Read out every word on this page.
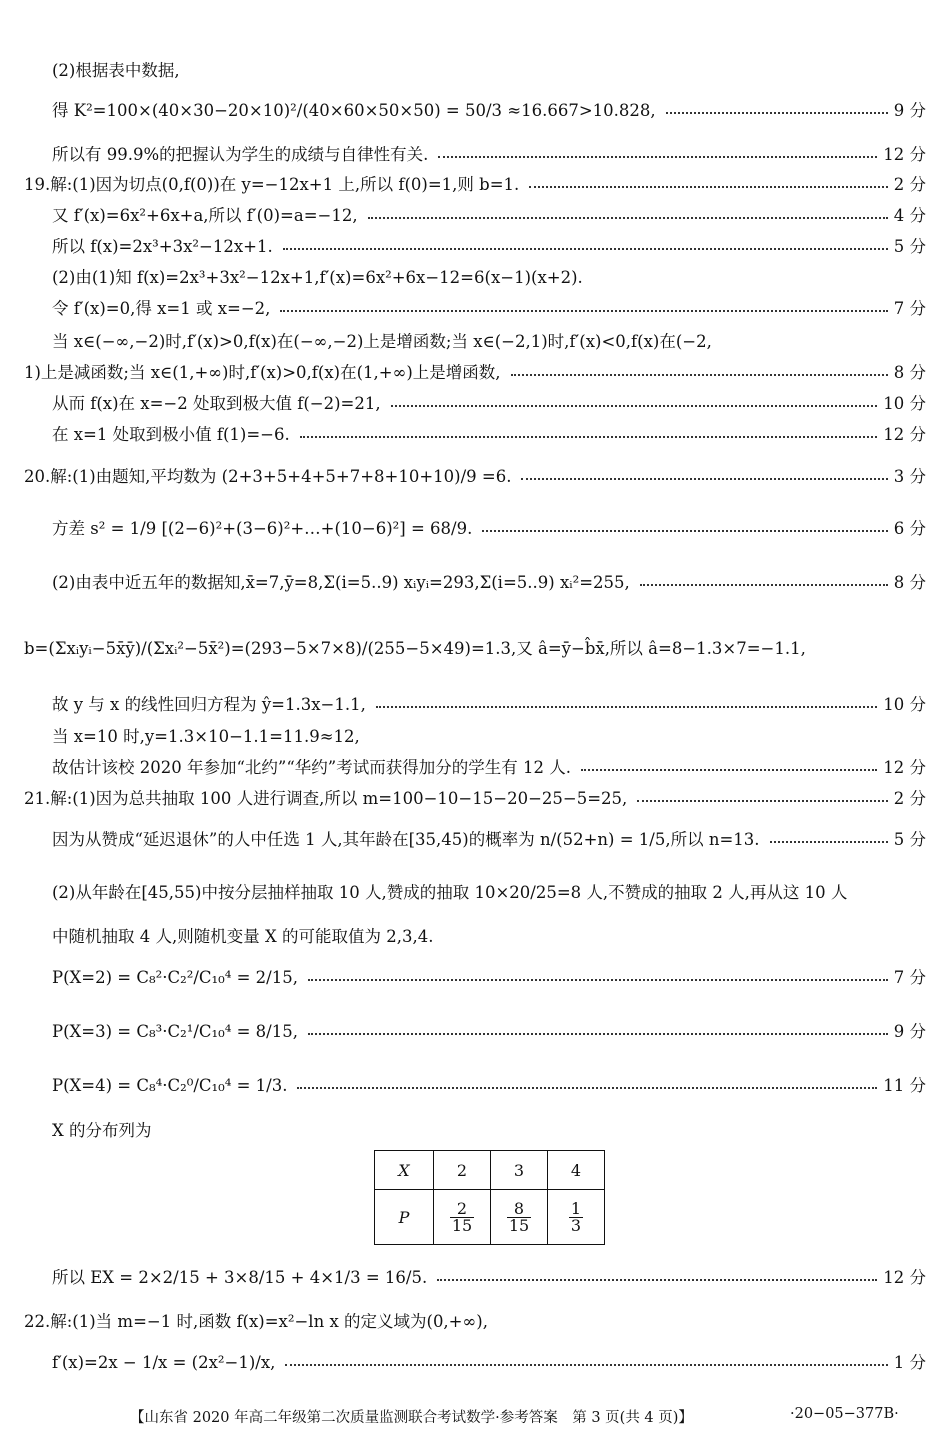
(2)根据表中数据,
得 K²=100×(40×30−20×10)²/(40×60×50×50) = 50/3 ≈16.667>10.828,	9 分
所以有 99.9%的把握认为学生的成绩与自律性有关.	12 分
19.解:(1)因为切点(0,f(0))在 y=−12x+1 上,所以 f(0)=1,则 b=1.	2 分
又 f′(x)=6x²+6x+a,所以 f′(0)=a=−12,	4 分
所以 f(x)=2x³+3x²−12x+1.	5 分
(2)由(1)知 f(x)=2x³+3x²−12x+1,f′(x)=6x²+6x−12=6(x−1)(x+2).
令 f′(x)=0,得 x=1 或 x=−2,	7 分
当 x∈(−∞,−2)时,f′(x)>0,f(x)在(−∞,−2)上是增函数;当 x∈(−2,1)时,f′(x)<0,f(x)在(−2,
1)上是减函数;当 x∈(1,+∞)时,f′(x)>0,f(x)在(1,+∞)上是增函数,	8 分
从而 f(x)在 x=−2 处取到极大值 f(−2)=21,	10 分
在 x=1 处取到极小值 f(1)=−6.	12 分
20.解:(1)由题知,平均数为 (2+3+5+4+5+7+8+10+10)/9 =6.	3 分
方差 s² = 1/9 [(2−6)²+(3−6)²+…+(10−6)²] = 68/9.	6 分
(2)由表中近五年的数据知,x̄=7,ȳ=8,Σ(i=5..9) xᵢyᵢ=293,Σ(i=5..9) xᵢ²=255,	8 分
b=(Σxᵢyᵢ−5x̄ȳ)/(Σxᵢ²−5x̄²)=(293−5×7×8)/(255−5×49)=1.3,又 â=ȳ−b̂x̄,所以 â=8−1.3×7=−1.1,
故 y 与 x 的线性回归方程为 ŷ=1.3x−1.1,	10 分
当 x=10 时,y=1.3×10−1.1=11.9≈12,
故估计该校 2020 年参加“北约”“华约”考试而获得加分的学生有 12 人.	12 分
21.解:(1)因为总共抽取 100 人进行调查,所以 m=100−10−15−20−25−5=25,	2 分
因为从赞成“延迟退休”的人中任选 1 人,其年龄在[35,45)的概率为 n/(52+n) = 1/5,所以 n=13.	5 分
(2)从年龄在[45,55)中按分层抽样抽取 10 人,赞成的抽取 10×20/25=8 人,不赞成的抽取 2 人,再从这 10 人
中随机抽取 4 人,则随机变量 X 的可能取值为 2,3,4.
P(X=2) = C₈²·C₂²/C₁₀⁴ = 2/15,	7 分
P(X=3) = C₈³·C₂¹/C₁₀⁴ = 8/15,	9 分
P(X=4) = C₈⁴·C₂⁰/C₁₀⁴ = 1/3.	11 分
X 的分布列为
所以 EX = 2×2/15 + 3×8/15 + 4×1/3 = 16/5.	12 分
22.解:(1)当 m=−1 时,函数 f(x)=x²−ln x 的定义域为(0,+∞),
f′(x)=2x − 1/x = (2x²−1)/x,	1 分
X	2	3	4
P	$\frac{2}{15}$	$\frac{8}{15}$	$\frac{1}{3}$
【山东省 2020 年高二年级第二次质量监测联合考试数学·参考答案　第 3 页(共 4 页)】	·20−05−377B·
